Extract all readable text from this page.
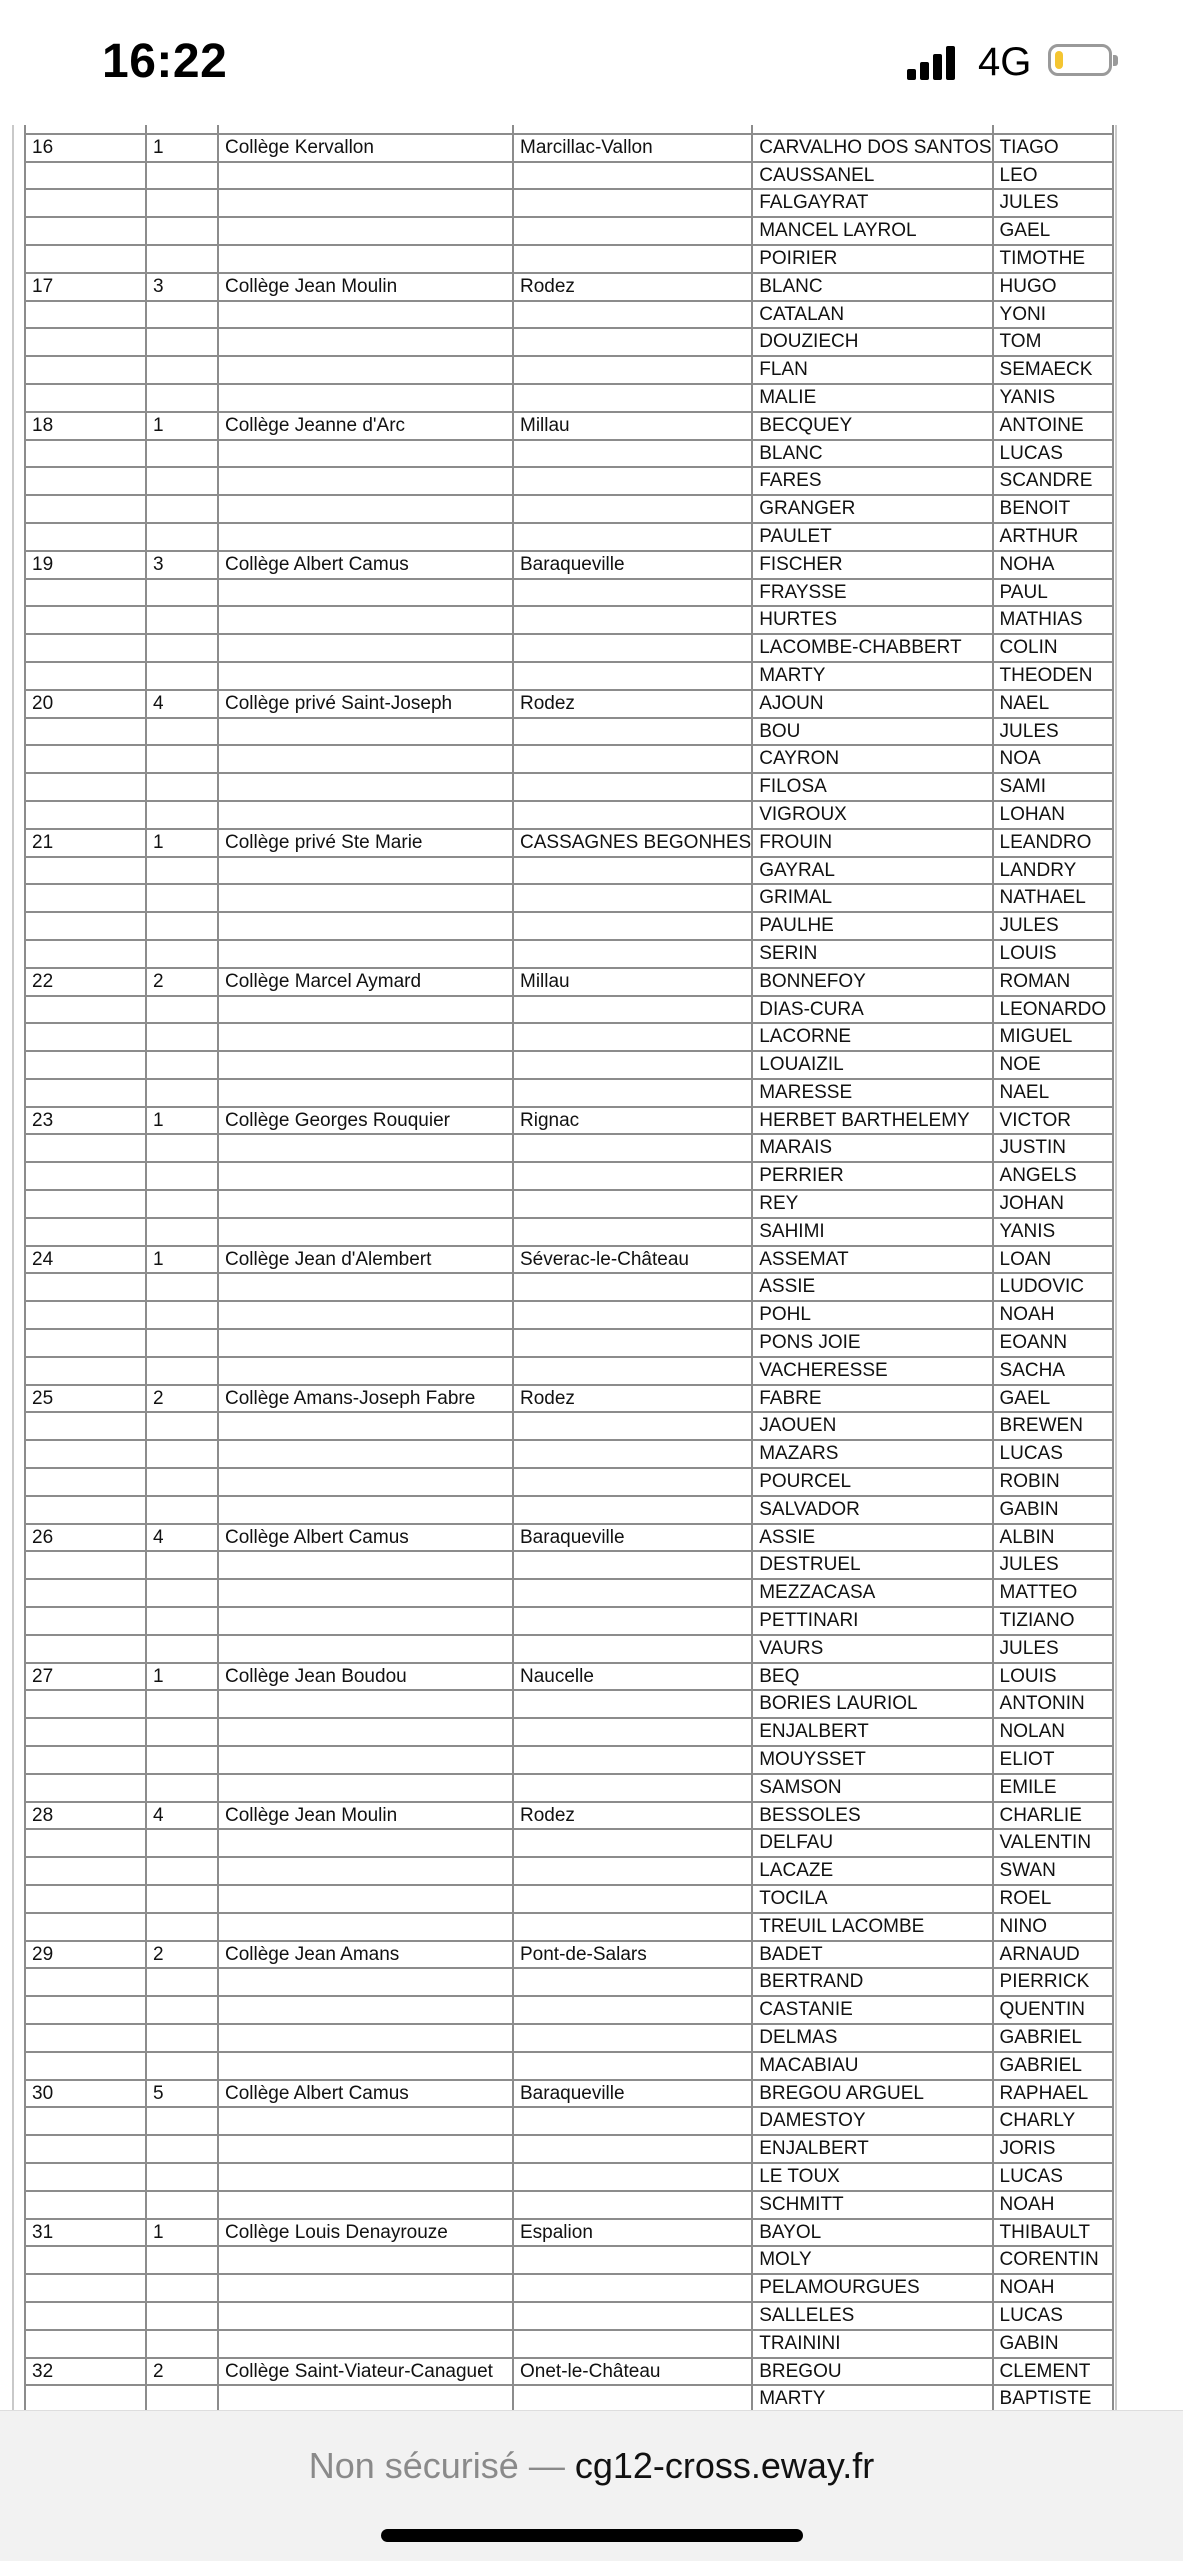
16:22	4G

16	1	Collège Kervallon	Marcillac-Vallon	CARVALHO DOS SANTOS	TIAGO
				CAUSSANEL	LEO
				FALGAYRAT	JULES
				MANCEL LAYROL	GAEL
				POIRIER	TIMOTHE
17	3	Collège Jean Moulin	Rodez	BLANC	HUGO
				CATALAN	YONI
				DOUZIECH	TOM
				FLAN	SEMAECK
				MALIE	YANIS
18	1	Collège Jeanne d'Arc	Millau	BECQUEY	ANTOINE
				BLANC	LUCAS
				FARES	SCANDRE
				GRANGER	BENOIT
				PAULET	ARTHUR
19	3	Collège Albert Camus	Baraqueville	FISCHER	NOHA
				FRAYSSE	PAUL
				HURTES	MATHIAS
				LACOMBE-CHABBERT	COLIN
				MARTY	THEODEN
20	4	Collège privé Saint-Joseph	Rodez	AJOUN	NAEL
				BOU	JULES
				CAYRON	NOA
				FILOSA	SAMI
				VIGROUX	LOHAN
21	1	Collège privé Ste Marie	CASSAGNES BEGONHES	FROUIN	LEANDRO
				GAYRAL	LANDRY
				GRIMAL	NATHAEL
				PAULHE	JULES
				SERIN	LOUIS
22	2	Collège Marcel Aymard	Millau	BONNEFOY	ROMAN
				DIAS-CURA	LEONARDO
				LACORNE	MIGUEL
				LOUAIZIL	NOE
				MARESSE	NAEL
23	1	Collège Georges Rouquier	Rignac	HERBET BARTHELEMY	VICTOR
				MARAIS	JUSTIN
				PERRIER	ANGELS
				REY	JOHAN
				SAHIMI	YANIS
24	1	Collège Jean d'Alembert	Séverac-le-Château	ASSEMAT	LOAN
				ASSIE	LUDOVIC
				POHL	NOAH
				PONS JOIE	EOANN
				VACHERESSE	SACHA
25	2	Collège Amans-Joseph Fabre	Rodez	FABRE	GAEL
				JAOUEN	BREWEN
				MAZARS	LUCAS
				POURCEL	ROBIN
				SALVADOR	GABIN
26	4	Collège Albert Camus	Baraqueville	ASSIE	ALBIN
				DESTRUEL	JULES
				MEZZACASA	MATTEO
				PETTINARI	TIZIANO
				VAURS	JULES
27	1	Collège Jean Boudou	Naucelle	BEQ	LOUIS
				BORIES LAURIOL	ANTONIN
				ENJALBERT	NOLAN
				MOUYSSET	ELIOT
				SAMSON	EMILE
28	4	Collège Jean Moulin	Rodez	BESSOLES	CHARLIE
				DELFAU	VALENTIN
				LACAZE	SWAN
				TOCILA	ROEL
				TREUIL LACOMBE	NINO
29	2	Collège Jean Amans	Pont-de-Salars	BADET	ARNAUD
				BERTRAND	PIERRICK
				CASTANIE	QUENTIN
				DELMAS	GABRIEL
				MACABIAU	GABRIEL
30	5	Collège Albert Camus	Baraqueville	BREGOU ARGUEL	RAPHAEL
				DAMESTOY	CHARLY
				ENJALBERT	JORIS
				LE TOUX	LUCAS
				SCHMITT	NOAH
31	1	Collège Louis Denayrouze	Espalion	BAYOL	THIBAULT
				MOLY	CORENTIN
				PELAMOURGUES	NOAH
				SALLELES	LUCAS
				TRAININI	GABIN
32	2	Collège Saint-Viateur-Canaguet	Onet-le-Château	BREGOU	CLEMENT
				MARTY	BAPTISTE
Non sécurisé — cg12-cross.eway.fr
